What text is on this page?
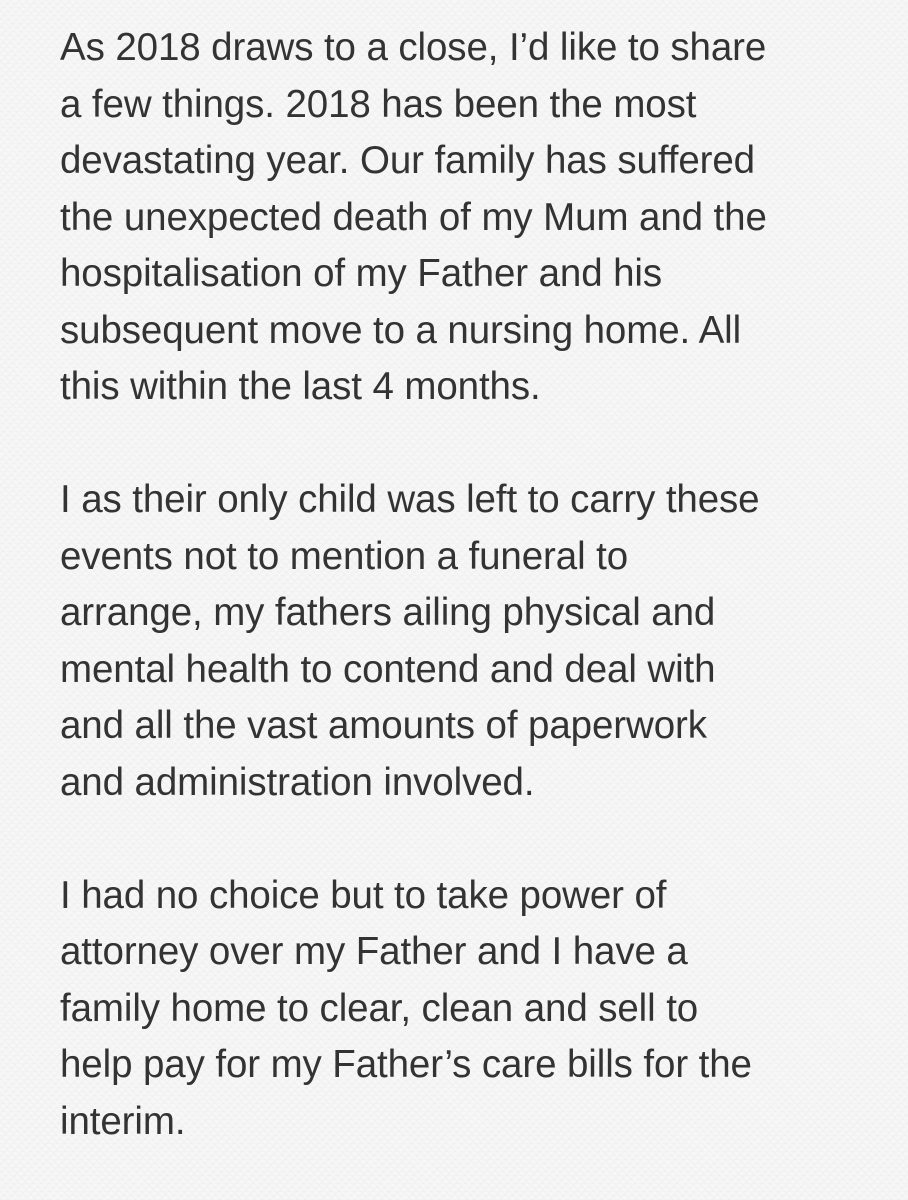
As 2018 draws to a close, I’d like to share
a few things. 2018 has been the most
devastating year. Our family has suffered
the unexpected death of my Mum and the
hospitalisation of my Father and his
subsequent move to a nursing home. All
this within the last 4 months.
I as their only child was left to carry these
events not to mention a funeral to
arrange, my fathers ailing physical and
mental health to contend and deal with
and all the vast amounts of paperwork
and administration involved.
I had no choice but to take power of
attorney over my Father and I have a
family home to clear, clean and sell to
help pay for my Father’s care bills for the
interim.
